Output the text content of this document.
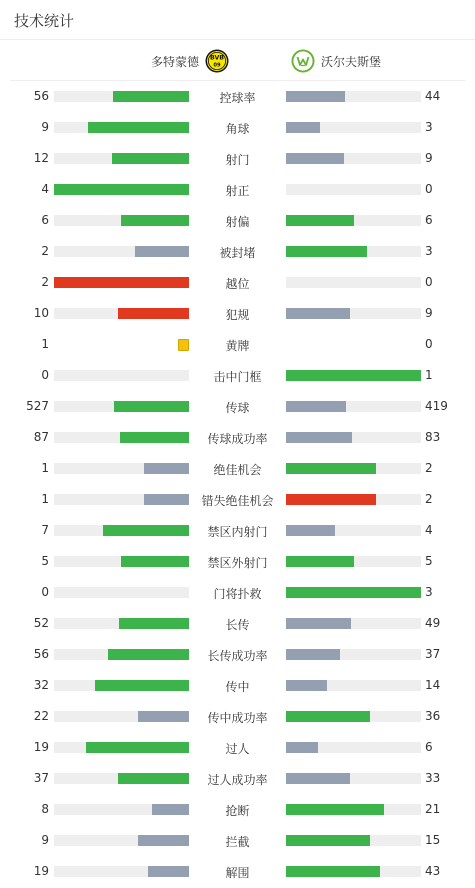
技术统计
多特蒙德 BVB
09	沃尔夫斯堡
56	控球率	44
9	角球	3
12	射门	9
4	射正	0
6	射偏	6
2	被封堵	3
2	越位	0
10	犯规	9
1	黄牌	0
0	击中门框	1
527	传球	419
87	传球成功率	83
1	绝佳机会	2
1	错失绝佳机会	2
7	禁区内射门	4
5	禁区外射门	5
0	门将扑救	3
52	长传	49
56	长传成功率	37
32	传中	14
22	传中成功率	36
19	过人	6
37	过人成功率	33
8	抢断	21
9	拦截	15
19	解围	43
